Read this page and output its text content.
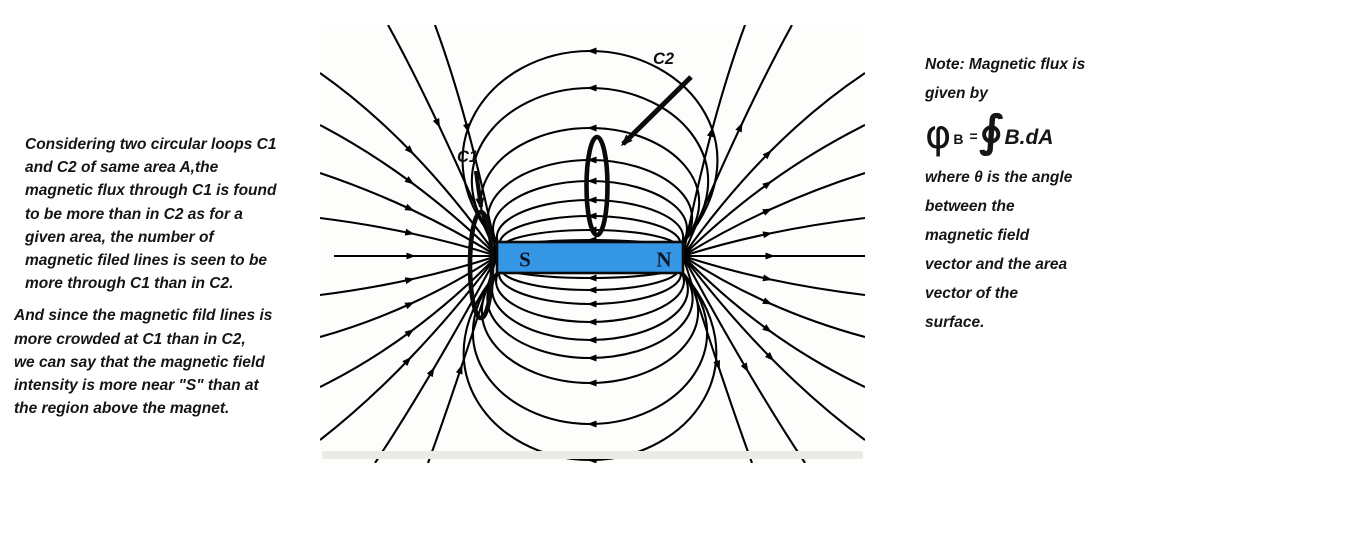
Considering two circular loops C1
and C2 of same area A,the
magnetic flux through C1 is found
to be more than in C2 as for a
given area, the number of
magnetic filed lines is seen to be
more through C1 than in C2.
And since the magnetic fild lines is
more crowded at C1 than in C2,
we can say that the magnetic field
intensity is more near "S" than at
the region above the magnet.
S	N
C1
C2	Note: Magnetic flux is
given by
φ B = ∮ B.dA
where θ is the angle
between the
magnetic field
vector and the area
vector of the
surface.
